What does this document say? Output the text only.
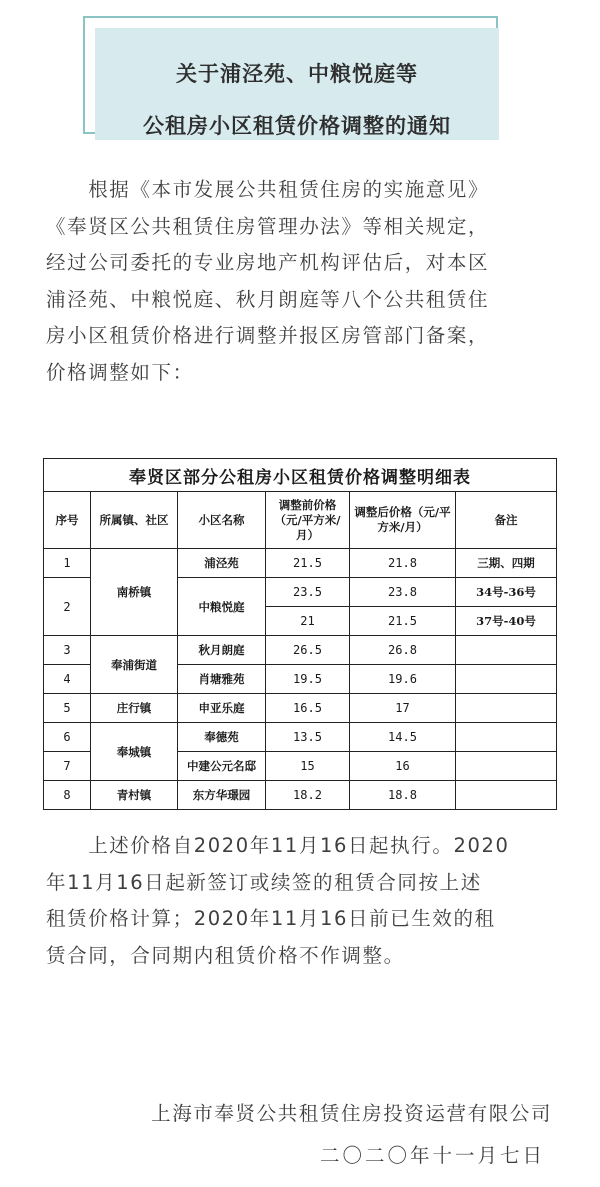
关于浦泾苑、中粮悦庭等
公租房小区租赁价格调整的通知

　　根据《本市发展公共租赁住房的实施意见》
《奉贤区公共租赁住房管理办法》等相关规定，
经过公司委托的专业房地产机构评估后，对本区
浦泾苑、中粮悦庭、秋月朗庭等八个公共租赁住
房小区租赁价格进行调整并报区房管部门备案，
价格调整如下：

奉贤区部分公租房小区租赁价格调整明细表					
序号	所属镇、社区	小区名称	调整前价格（元/平方米/月）	调整后价格（元/平方米/月）	备注
1	南桥镇	浦泾苑	21.5	21.8	三期、四期
2		中粮悦庭	23.5	23.8	34号-36号
			21	21.5	37号-40号
3	奉浦街道	秋月朗庭	26.5	26.8	
4		肖塘雅苑	19.5	19.6	
5	庄行镇	申亚乐庭	16.5	17	
6	奉城镇	奉德苑	13.5	14.5	
7		中建公元名邸	15	16	
8	青村镇	东方华璟园	18.2	18.8	

　　上述价格自2020年11月16日起执行。2020
年11月16日起新签订或续签的租赁合同按上述
租赁价格计算；2020年11月16日前已生效的租
赁合同，合同期内租赁价格不作调整。

上海市奉贤公共租赁住房投资运营有限公司

二〇二〇年十一月七日
